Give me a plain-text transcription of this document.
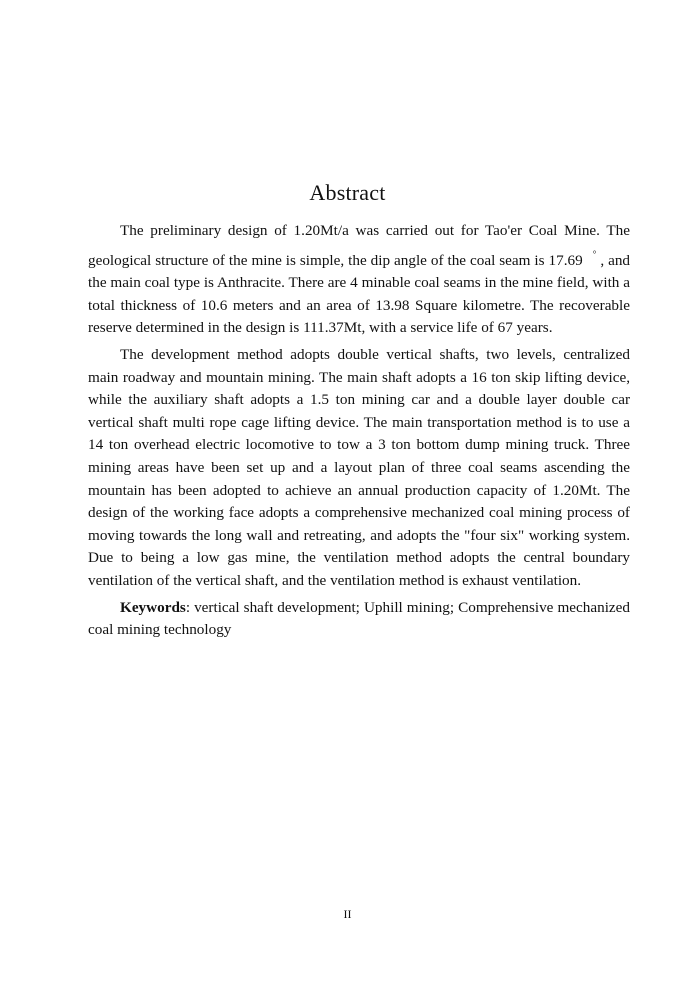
Abstract

The preliminary design of 1.20Mt/a was carried out for Tao'er Coal Mine. The geological structure of the mine is simple, the dip angle of the coal seam is 17.69 ° , and the main coal type is Anthracite. There are 4 minable coal seams in the mine field, with a total thickness of 10.6 meters and an area of 13.98 Square kilometre. The recoverable reserve determined in the design is 111.37Mt, with a service life of 67 years.

The development method adopts double vertical shafts, two levels, centralized main roadway and mountain mining. The main shaft adopts a 16 ton skip lifting device, while the auxiliary shaft adopts a 1.5 ton mining car and a double layer double car vertical shaft multi rope cage lifting device. The main transportation method is to use a 14 ton overhead electric locomotive to tow a 3 ton bottom dump mining truck. Three mining areas have been set up and a layout plan of three coal seams ascending the mountain has been adopted to achieve an annual production capacity of 1.20Mt. The design of the working face adopts a comprehensive mechanized coal mining process of moving towards the long wall and retreating, and adopts the "four six" working system. Due to being a low gas mine, the ventilation method adopts the central boundary ventilation of the vertical shaft, and the ventilation method is exhaust ventilation.

Keywords: vertical shaft development; Uphill mining; Comprehensive mechanized coal mining technology

II
